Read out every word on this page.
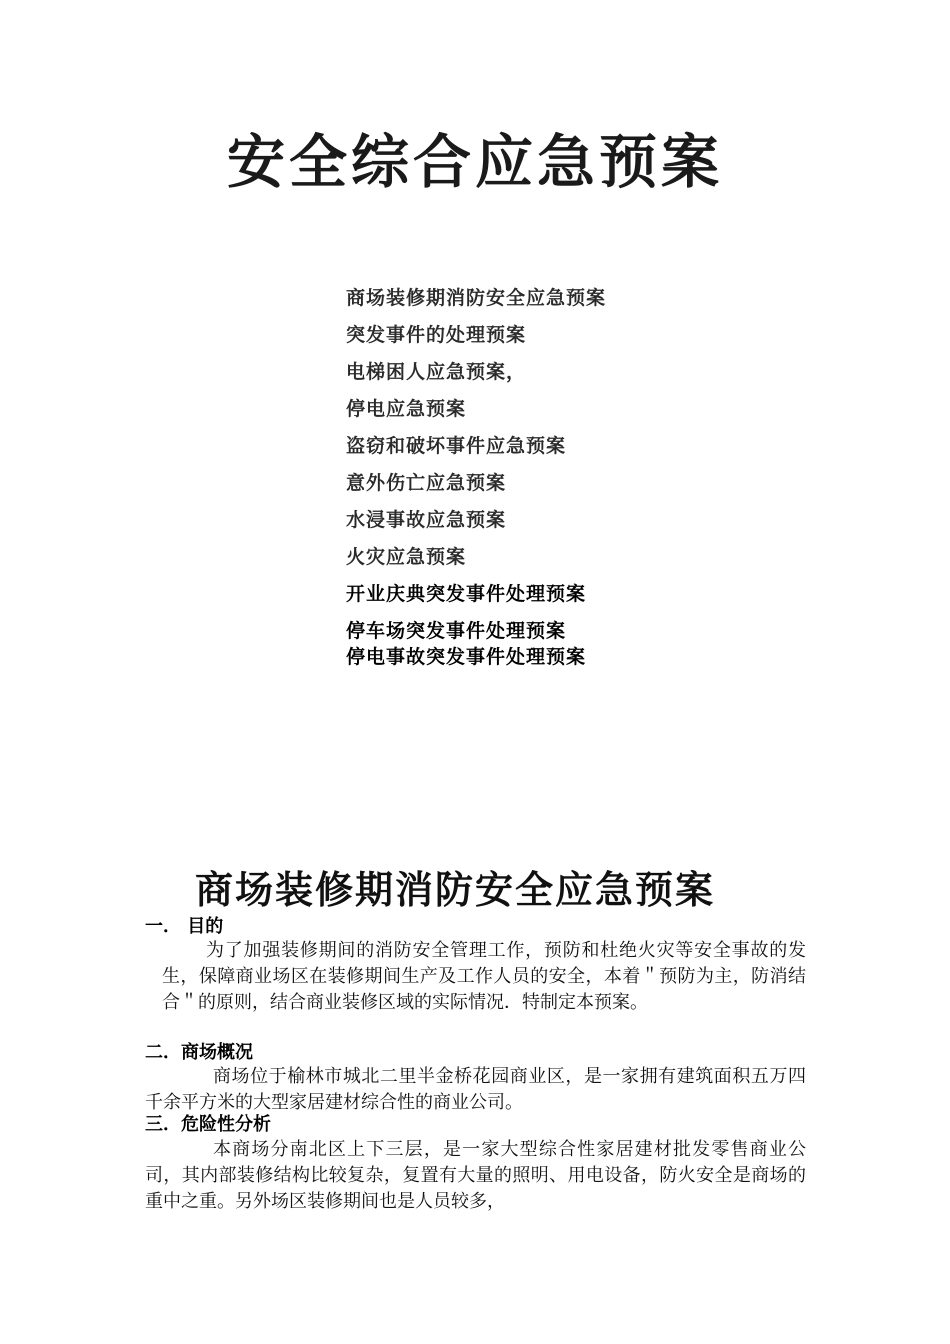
安全综合应急预案
商场装修期消防安全应急预案
突发事件的处理预案
电梯困人应急预案，
停电应急预案
盗窃和破坏事件应急预案
意外伤亡应急预案
水浸事故应急预案
火灾应急预案
开业庆典突发事件处理预案
停车场突发事件处理预案
停电事故突发事件处理预案
商场装修期消防安全应急预案
一． 目的
为了加强装修期间的消防安全管理工作，预防和杜绝火灾等安全事故的发生，保障商业场区在装修期间生产及工作人员的安全，本着＂预防为主，防消结合＂的原则，结合商业装修区域的实际情况．特制定本预案。
二．商场概况
商场位于榆林市城北二里半金桥花园商业区，是一家拥有建筑面积五万四千余平方米的大型家居建材综合性的商业公司。
三．危险性分析
本商场分南北区上下三层，是一家大型综合性家居建材批发零售商业公司，其内部装修结构比较复杂，复置有大量的照明、用电设备，防火安全是商场的重中之重。另外场区装修期间也是人员较多，
